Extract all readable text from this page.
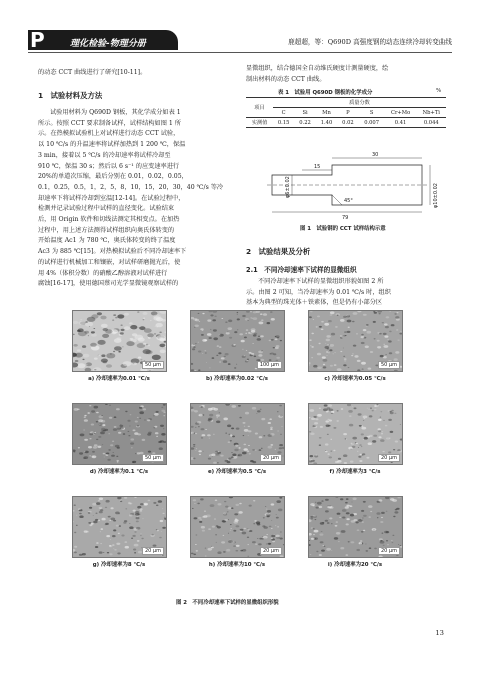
P	理化检验-物理分册	鹿超超，等：Q690D 高强度钢的动态连续冷却转变曲线
的动态 CCT 曲线进行了研究[10-11]。
1　试验材料及方法
试验用材料为 Q690D 钢板，其化学成分如表 1
所示。按照 CCT 要求制备试样，试样结构如图 1 所
示。在热模拟试验机上对试样进行动态 CCT 试验，
以 10 ℃/s 的升温速率将试样加热到 1 200 ℃，保温
3 min，接着以 5 ℃/s 的冷却速率将试样冷却至
910 ℃，保温 30 s；然后以 6 s⁻¹ 的应变速率进行
20%的单道次压缩，最后分别在 0.01，0.02，0.05，
0.1，0.25，0.5，1，2，5，8，10，15，20，30，40 ℃/s 等冷
却速率下将试样冷却到室温[12-14]。在试验过程中，
检测并记录试验过程中试样的直径变化。试验结束
后，用 Origin 软件和切线法测定其相变点。在加热
过程中，用上述方法测得试样组织向奥氏体转变的
开始温度 Ac1 为 780 ℃，奥氏体转变的终了温度
Ac3 为 885 ℃[15]。对热模拟试验后不同冷却速率下
的试样进行机械加工和镶嵌，对试样研磨抛光后，使
用 4%（体积分数）的硝酸乙醇溶液对试样进行
腐蚀[16-17]，使用德国蔡司光学显微镜观察试样的
显微组织，结合德国全自动维氏硬度计测量硬度，绘
制出材料的动态 CCT 曲线。
表 1　试验用 Q690D 钢板的化学成分	%
项目	质量分数						
	C	Si	Mn	P	S	Cr+Mo	Nb+Ti
实测值	0.15	0.22	1.40	0.02	0.007	0.41	0.044
15
30
79
45°
φ6±0.02	φ10±0.02
图 1　试验钢的 CCT 试样结构示意
2　试验结果及分析
2.1　不同冷却速率下试样的显微组织
不同冷却速率下试样的显微组织形貌如图 2 所
示。由图 2 可知，当冷却速率为 0.01 ℃/s 时，组织
基本为典型的珠光体＋铁素体，但是仍有小部分区
50 μm
a) 冷却速率为0.01 ℃/s
100 μm
b) 冷却速率为0.02 ℃/s
50 μm
c) 冷却速率为0.05 ℃/s
50 μm
d) 冷却速率为0.1 ℃/s
20 μm
e) 冷却速率为0.5 ℃/s
20 μm
f) 冷却速率为3 ℃/s
20 μm
g) 冷却速率为8 ℃/s
20 μm
h) 冷却速率为10 ℃/s
20 μm
i) 冷却速率为20 ℃/s
图 2　不同冷却速率下试样的显微组织形貌
13
